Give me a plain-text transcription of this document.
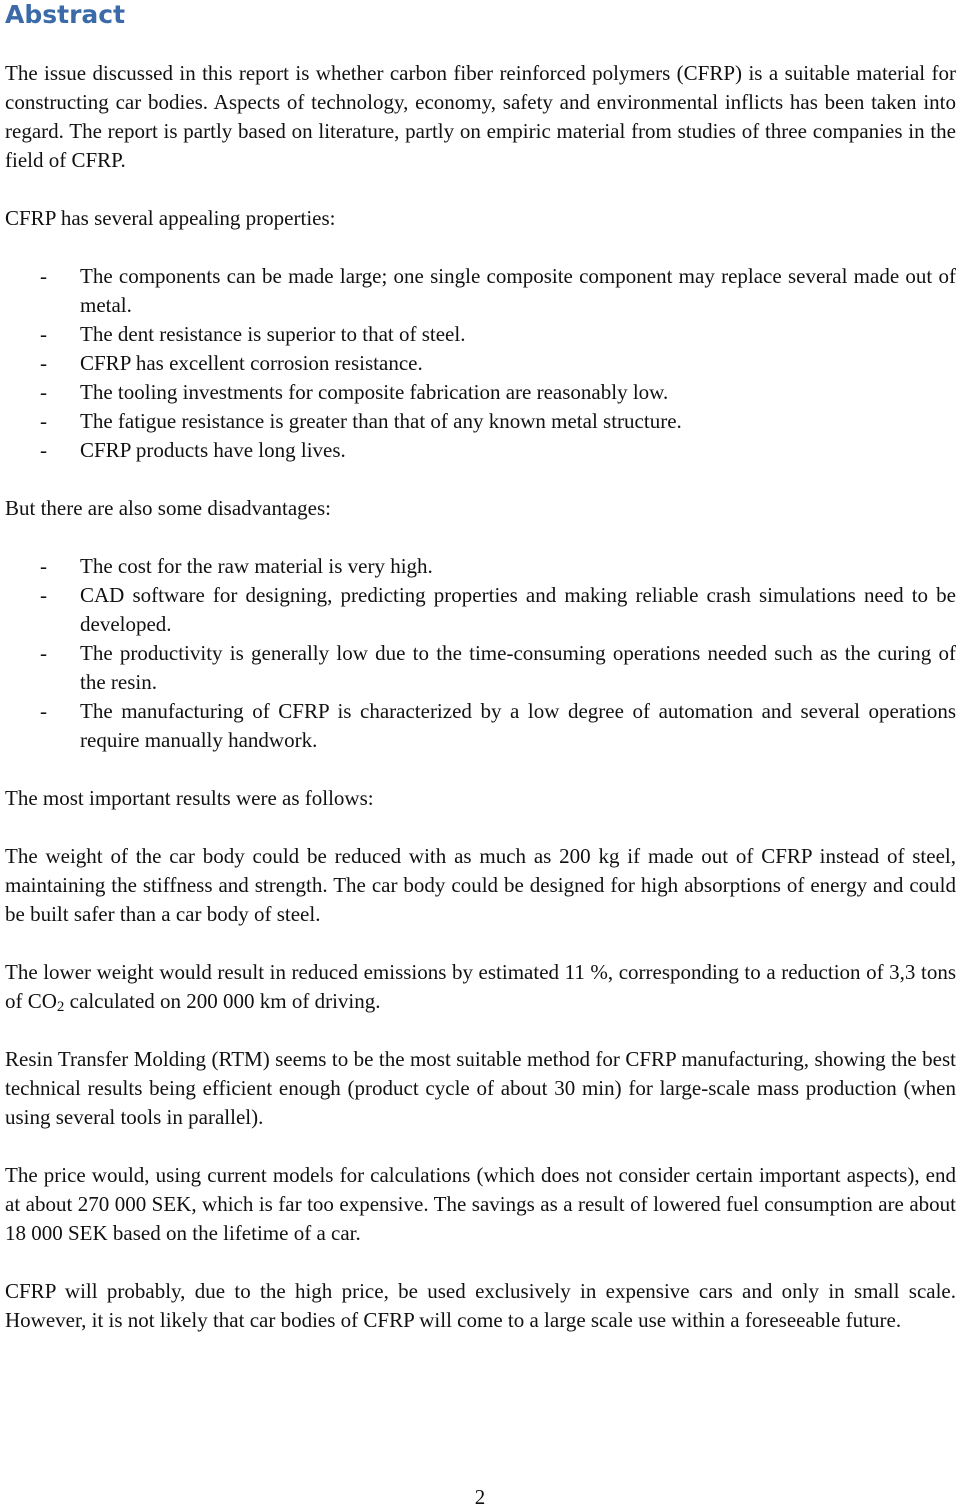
Abstract

The issue discussed in this report is whether carbon fiber reinforced polymers (CFRP) is a suitable material for constructing car bodies. Aspects of technology, economy, safety and environmental inflicts has been taken into regard. The report is partly based on literature, partly on empiric material from studies of three companies in the field of CFRP.

CFRP has several appealing properties:

- The components can be made large; one single composite component may replace several made out of metal.
- The dent resistance is superior to that of steel.
- CFRP has excellent corrosion resistance.
- The tooling investments for composite fabrication are reasonably low.
- The fatigue resistance is greater than that of any known metal structure.
- CFRP products have long lives.

But there are also some disadvantages:

- The cost for the raw material is very high.
- CAD software for designing, predicting properties and making reliable crash simulations need to be developed.
- The productivity is generally low due to the time-consuming operations needed such as the curing of the resin.
- The manufacturing of CFRP is characterized by a low degree of automation and several operations require manually handwork.

The most important results were as follows:

The weight of the car body could be reduced with as much as 200 kg if made out of CFRP instead of steel, maintaining the stiffness and strength. The car body could be designed for high absorptions of energy and could be built safer than a car body of steel.

The lower weight would result in reduced emissions by estimated 11 %, corresponding to a reduction of 3,3 tons of $CO_2$ calculated on 200 000 km of driving.

Resin Transfer Molding (RTM) seems to be the most suitable method for CFRP manufacturing, showing the best technical results being efficient enough (product cycle of about 30 min) for large-scale mass production (when using several tools in parallel).

The price would, using current models for calculations (which does not consider certain important aspects), end at about 270 000 SEK, which is far too expensive. The savings as a result of lowered fuel consumption are about 18 000 SEK based on the lifetime of a car.

CFRP will probably, due to the high price, be used exclusively in expensive cars and only in small scale. However, it is not likely that car bodies of CFRP will come to a large scale use within a foreseeable future.

2
